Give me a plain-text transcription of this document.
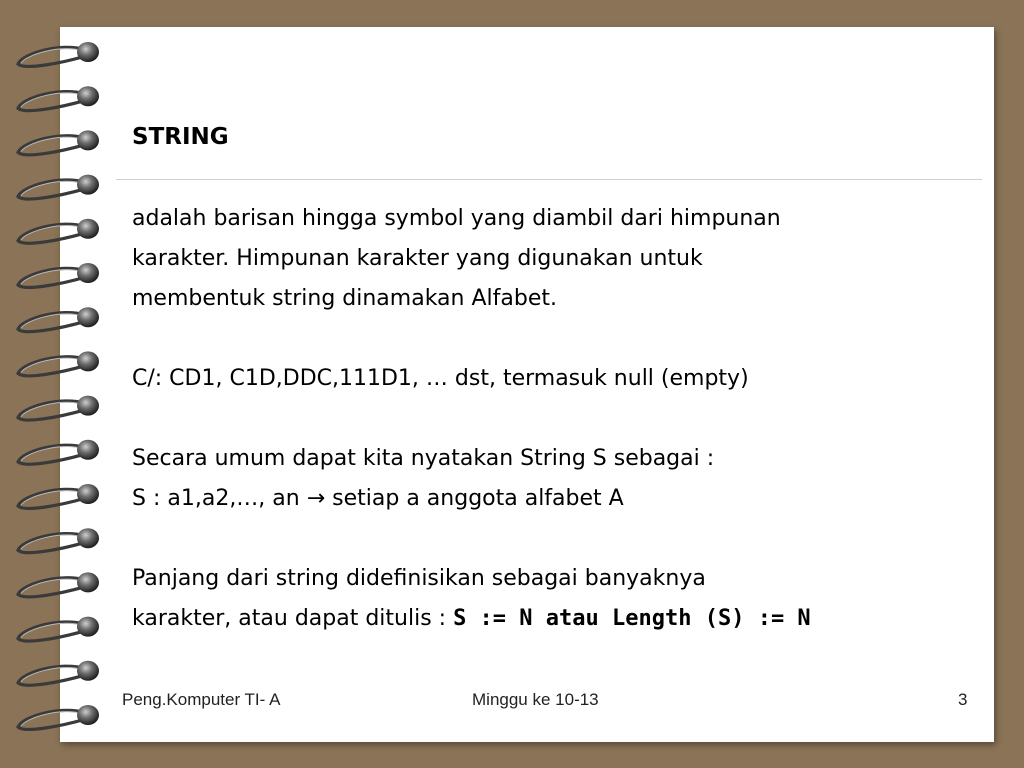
STRING

adalah barisan hingga symbol yang diambil dari himpunan

karakter. Himpunan karakter yang digunakan untuk

membentuk string dinamakan Alfabet.

C/: CD1, C1D,DDC,111D1, … dst, termasuk null (empty)

Secara umum dapat kita nyatakan String S sebagai :

S : a1,a2,…, an → setiap a anggota alfabet A

Panjang dari string didefinisikan sebagai banyaknya

karakter, atau dapat ditulis : S := N atau Length (S) := N

Peng.Komputer TI- A	Minggu ke 10-13	3
